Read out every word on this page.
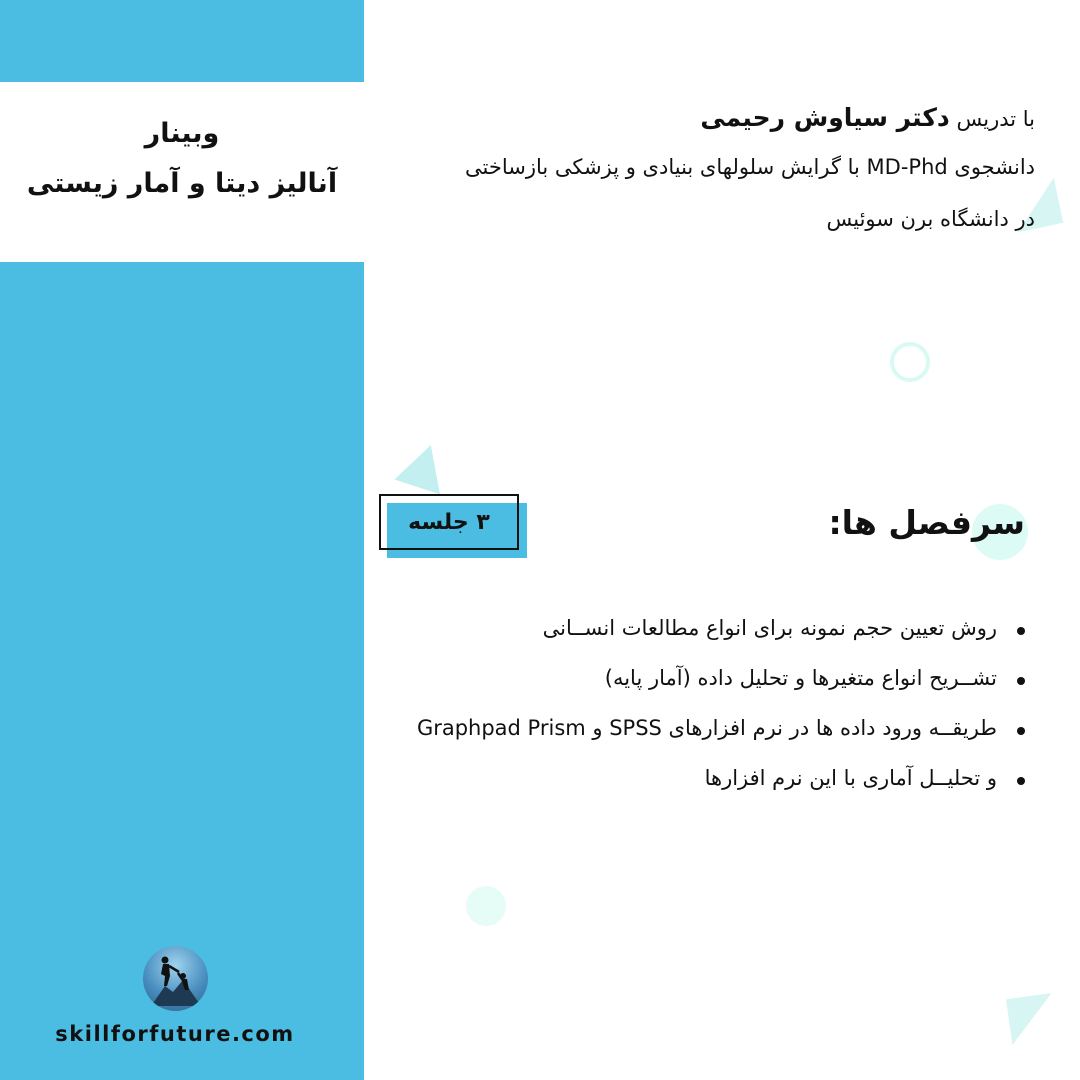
وبینار
آنالیز دیتا و آمار زیستی
skillforfuture.com
با تدریس دکتر سیاوش رحیمی
دانشجوی MD-Phd با گرایش سلولهای بنیادی و پزشکی بازساختی
در دانشگاه برن سوئیس
۳ جلسه	سرفصل ها:
روش تعیین حجم نمونه برای انواع مطالعات انســانی
تشــریح انواع متغیرها و تحلیل داده (آمار پایه)
طریقــه ورود داده ها در نرم افزارهای SPSS و Graphpad Prism
و تحلیــل آماری با این نرم افزارها
